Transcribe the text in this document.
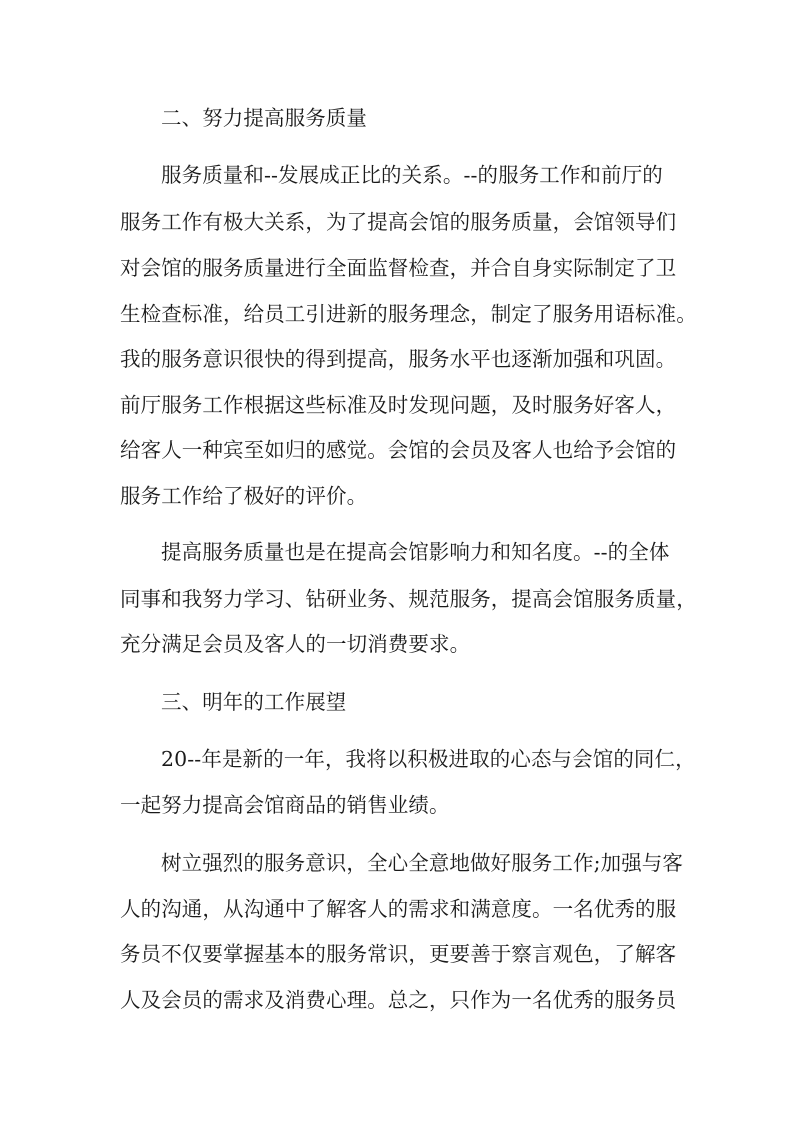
二、努力提高服务质量
服务质量和--发展成正比的关系。--的服务工作和前厅的
服务工作有极大关系，为了提高会馆的服务质量，会馆领导们
对会馆的服务质量进行全面监督检查，并合自身实际制定了卫
生检查标准，给员工引进新的服务理念，制定了服务用语标准。
我的服务意识很快的得到提高，服务水平也逐渐加强和巩固。
前厅服务工作根据这些标准及时发现问题，及时服务好客人，
给客人一种宾至如归的感觉。会馆的会员及客人也给予会馆的
服务工作给了极好的评价。
提高服务质量也是在提高会馆影响力和知名度。--的全体
同事和我努力学习、钻研业务、规范服务，提高会馆服务质量，
充分满足会员及客人的一切消费要求。
三、明年的工作展望
20--年是新的一年，我将以积极进取的心态与会馆的同仁，
一起努力提高会馆商品的销售业绩。
树立强烈的服务意识，全心全意地做好服务工作;加强与客
人的沟通，从沟通中了解客人的需求和满意度。一名优秀的服
务员不仅要掌握基本的服务常识，更要善于察言观色，了解客
人及会员的需求及消费心理。总之，只作为一名优秀的服务员
